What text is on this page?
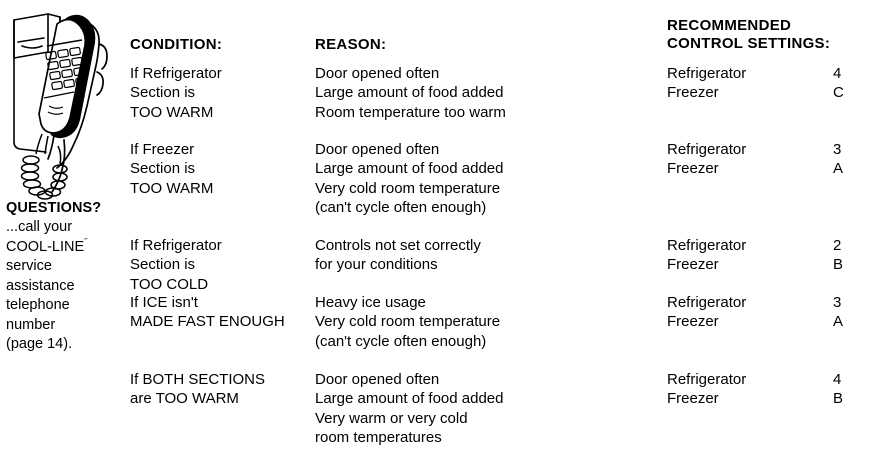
QUESTIONS?
...call your
COOL-LINE˝
service
assistance
telephone
number
(page 14).
CONDITION:	REASON:
RECOMMENDED
CONTROL SETTINGS:
If Refrigerator
Section is
TOO WARM
Door opened often
Large amount of food added
Room temperature too warm
Refrigerator
Freezer
4
C
If Freezer
Section is
TOO WARM
Door opened often
Large amount of food added
Very cold room temperature
(can't cycle often enough)
Refrigerator
Freezer
3
A
If Refrigerator
Section is
TOO COLD
Controls not set correctly
for your conditions
Refrigerator
Freezer
2
B
If ICE isn't
MADE FAST ENOUGH
Heavy ice usage
Very cold room temperature
(can't cycle often enough)
Refrigerator
Freezer
3
A
If BOTH SECTIONS
are TOO WARM
Door opened often
Large amount of food added
Very warm or very cold
room temperatures
Refrigerator
Freezer
4
B
